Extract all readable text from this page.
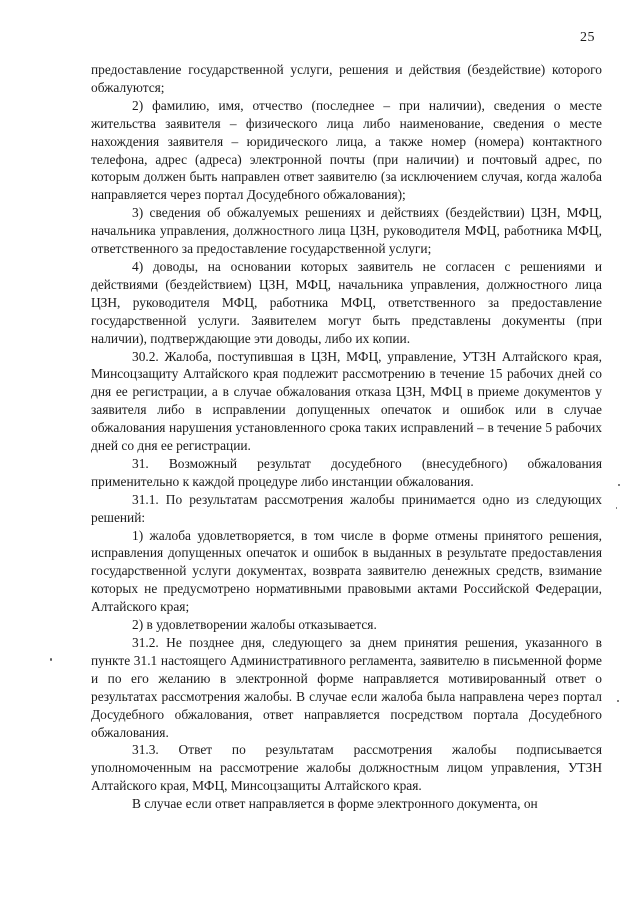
25

предоставление государственной услуги, решения и действия (бездействие) которого обжалуются;

2) фамилию, имя, отчество (последнее – при наличии), сведения о месте жительства заявителя – физического лица либо наименование, сведения о месте нахождения заявителя – юридического лица, а также номер (номера) контактного телефона, адрес (адреса) электронной почты (при наличии) и почтовый адрес, по которым должен быть направлен ответ заявителю (за исключением случая, когда жалоба направляется через портал Досудебного обжалования);

3) сведения об обжалуемых решениях и действиях (бездействии) ЦЗН, МФЦ, начальника управления, должностного лица ЦЗН, руководителя МФЦ, работника МФЦ, ответственного за предоставление государственной услуги;

4) доводы, на основании которых заявитель не согласен с решениями и действиями (бездействием) ЦЗН, МФЦ, начальника управления, должностного лица ЦЗН, руководителя МФЦ, работника МФЦ, ответственного за предоставление государственной услуги. Заявителем могут быть представлены документы (при наличии), подтверждающие эти доводы, либо их копии.

30.2. Жалоба, поступившая в ЦЗН, МФЦ, управление, УТЗН Алтайского края, Минсоцзащиту Алтайского края подлежит рассмотрению в течение 15 рабочих дней со дня ее регистрации, а в случае обжалования отказа ЦЗН, МФЦ в приеме документов у заявителя либо в исправлении допущенных опечаток и ошибок или в случае обжалования нарушения установленного срока таких исправлений – в течение 5 рабочих дней со дня ее регистрации.

31. Возможный результат досудебного (внесудебного) обжалования применительно к каждой процедуре либо инстанции обжалования.

31.1. По результатам рассмотрения жалобы принимается одно из следующих решений:

1) жалоба удовлетворяется, в том числе в форме отмены принятого решения, исправления допущенных опечаток и ошибок в выданных в результате предоставления государственной услуги документах, возврата заявителю денежных средств, взимание которых не предусмотрено нормативными правовыми актами Российской Федерации, Алтайского края;

2) в удовлетворении жалобы отказывается.

31.2. Не позднее дня, следующего за днем принятия решения, указанного в пункте 31.1 настоящего Административного регламента, заявителю в письменной форме и по его желанию в электронной форме направляется мотивированный ответ о результатах рассмотрения жалобы. В случае если жалоба была направлена через портал Досудебного обжалования, ответ направляется посредством портала Досудебного обжалования.

31.3. Ответ по результатам рассмотрения жалобы подписывается уполномоченным на рассмотрение жалобы должностным лицом управления, УТЗН Алтайского края, МФЦ, Минсоцзащиты Алтайского края.

В случае если ответ направляется в форме электронного документа, он
